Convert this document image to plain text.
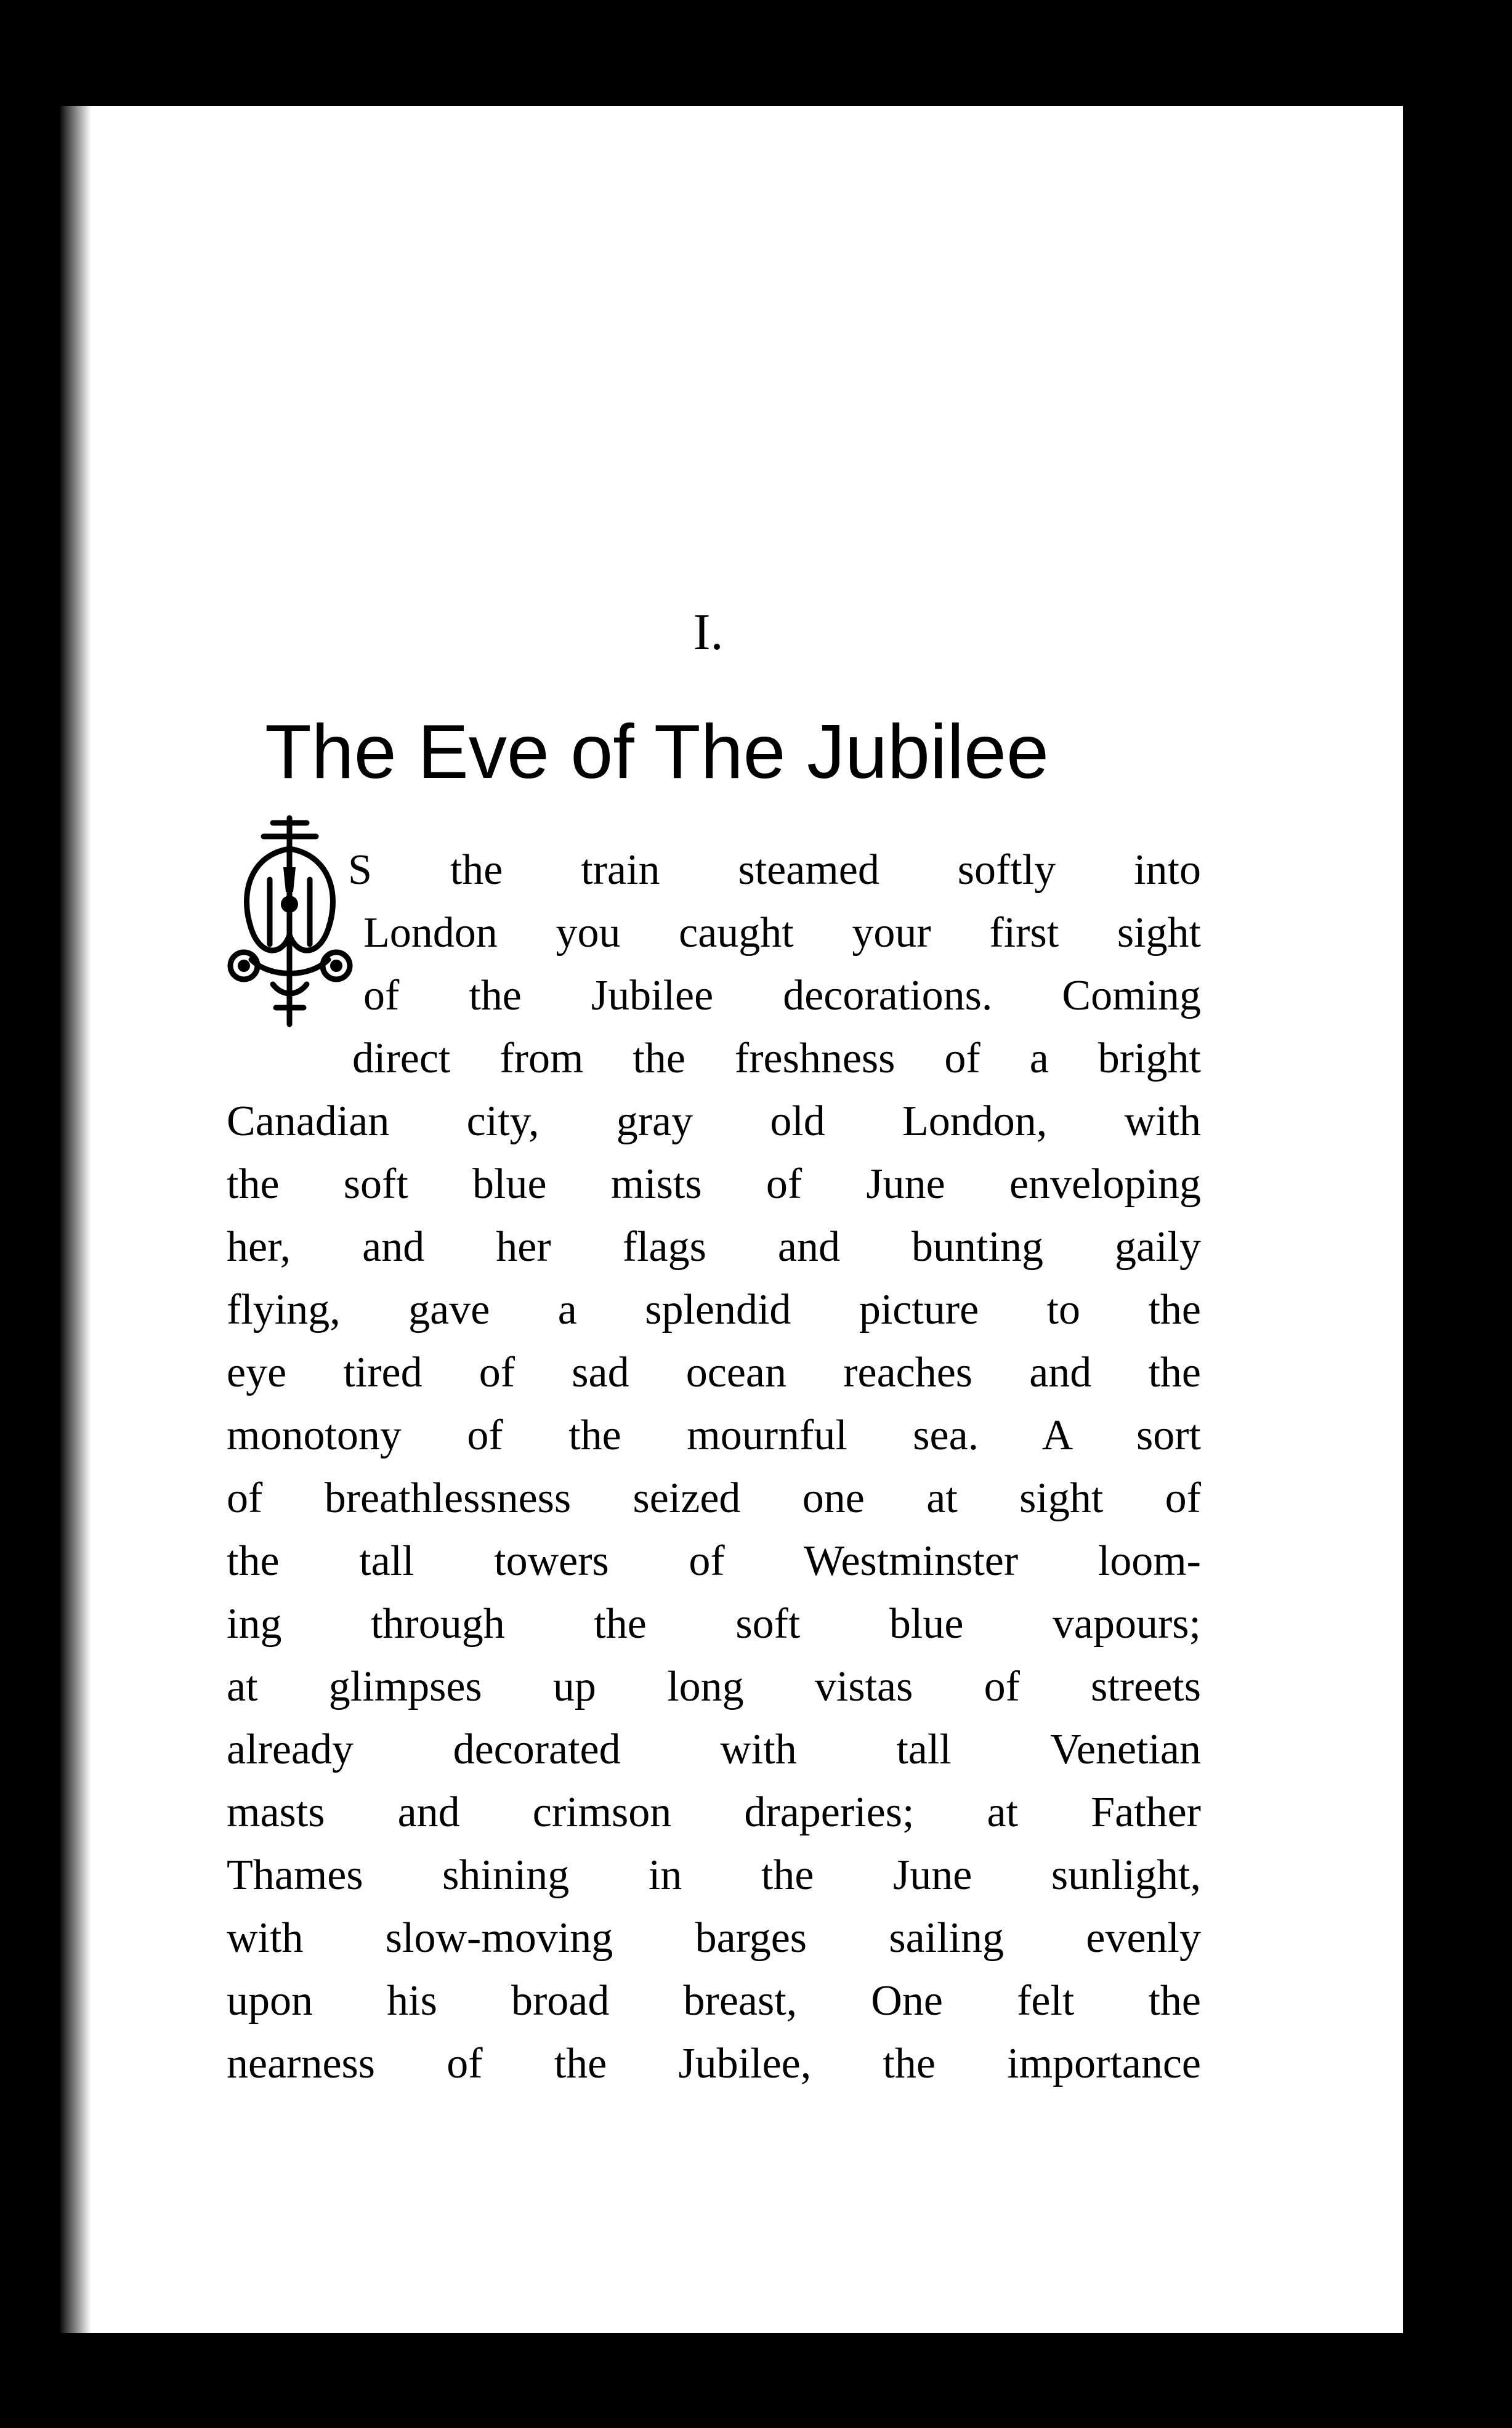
I.
The Eve of The Jubilee
S the train steamed softly into
London you caught your first sight
of the Jubilee decorations. Coming
direct from the freshness of a bright
Canadian city, gray old London, with
the soft blue mists of June enveloping
her, and her flags and bunting gaily
flying, gave a splendid picture to the
eye tired of sad ocean reaches and the
monotony of the mournful sea. A sort
of breathlessness seized one at sight of
the tall towers of Westminster loom-
ing through the soft blue vapours;
at glimpses up long vistas of streets
already decorated with tall Venetian
masts and crimson draperies; at Father
Thames shining in the June sunlight,
with slow-moving barges sailing evenly
upon his broad breast, One felt the
nearness of the Jubilee, the importance
